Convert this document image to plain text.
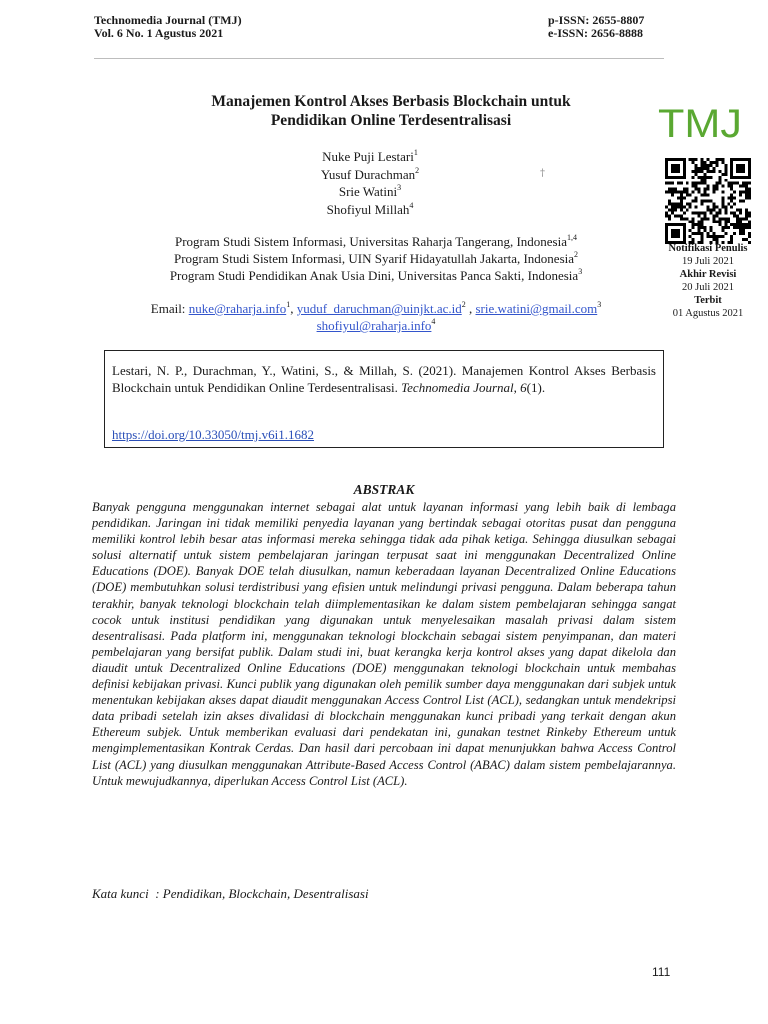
Technomedia Journal (TMJ)
Vol. 6 No. 1 Agustus 2021
p-ISSN: 2655-8807
e-ISSN: 2656-8888
Manajemen Kontrol Akses Berbasis Blockchain untuk
Pendidikan Online Terdesentralisasi	TMJ
Notifikasi Penulis
19 Juli 2021
Akhir Revisi
20 Juli 2021
Terbit
01 Agustus 2021
†
Nuke Puji Lestari$^1$
Yusuf Durachman$^2$
Srie Watini$^3$
Shofiyul Millah$^4$
Program Studi Sistem Informasi, Universitas Raharja Tangerang, Indonesia$^{1,4}$
Program Studi Sistem Informasi, UIN Syarif Hidayatullah Jakarta, Indonesia$^2$
Program Studi Pendidikan Anak Usia Dini, Universitas Panca Sakti, Indonesia$^3$
Email: nuke@raharja.info$^1$, $yuduf\_daruchman@uinjkt.ac.id^2$ , srie.watini@gmail.com$^3$
shofiyul@raharja.info$^4$
Lestari, N. P., Durachman, Y., Watini, S., & Millah, S. (2021). Manajemen Kontrol Akses Berbasis Blockchain untuk Pendidikan Online Terdesentralisasi. Technomedia Journal, 6(1).
https://doi.org/10.33050/tmj.v6i1.1682
ABSTRAK
Banyak pengguna menggunakan internet sebagai alat untuk layanan informasi yang lebih baik di lembaga pendidikan. Jaringan ini tidak memiliki penyedia layanan yang bertindak sebagai otoritas pusat dan pengguna memiliki kontrol lebih besar atas informasi mereka sehingga tidak ada pihak ketiga. Sehingga diusulkan sebagai solusi alternatif untuk sistem pembelajaran jaringan terpusat saat ini menggunakan Decentralized Online Educations (DOE). Banyak DOE telah diusulkan, namun keberadaan layanan Decentralized Online Educations (DOE) membutuhkan solusi terdistribusi yang efisien untuk melindungi privasi pengguna. Dalam beberapa tahun terakhir, banyak teknologi blockchain telah diimplementasikan ke dalam sistem pembelajaran sehingga sangat cocok untuk institusi pendidikan yang digunakan untuk menyelesaikan masalah privasi dalam sistem desentralisasi. Pada platform ini, menggunakan teknologi blockchain sebagai sistem penyimpanan, dan materi pembelajaran yang bersifat publik. Dalam studi ini, buat kerangka kerja kontrol akses yang dapat dikelola dan diaudit untuk Decentralized Online Educations (DOE) menggunakan teknologi blockchain untuk membahas definisi kebijakan privasi. Kunci publik yang digunakan oleh pemilik sumber daya menggunakan dari subjek untuk menentukan kebijakan akses dapat diaudit menggunakan Access Control List (ACL), sedangkan untuk mendekripsi data pribadi setelah izin akses divalidasi di blockchain menggunakan kunci pribadi yang terkait dengan akun Ethereum subjek. Untuk memberikan evaluasi dari pendekatan ini, gunakan testnet Rinkeby Ethereum untuk mengimplementasikan Kontrak Cerdas. Dan hasil dari percobaan ini dapat menunjukkan bahwa Access Control List (ACL) yang diusulkan menggunakan Attribute-Based Access Control (ABAC) dalam sistem pembelajarannya. Untuk mewujudkannya, diperlukan Access Control List (ACL).
Kata kunci  : Pendidikan, Blockchain, Desentralisasi
111
